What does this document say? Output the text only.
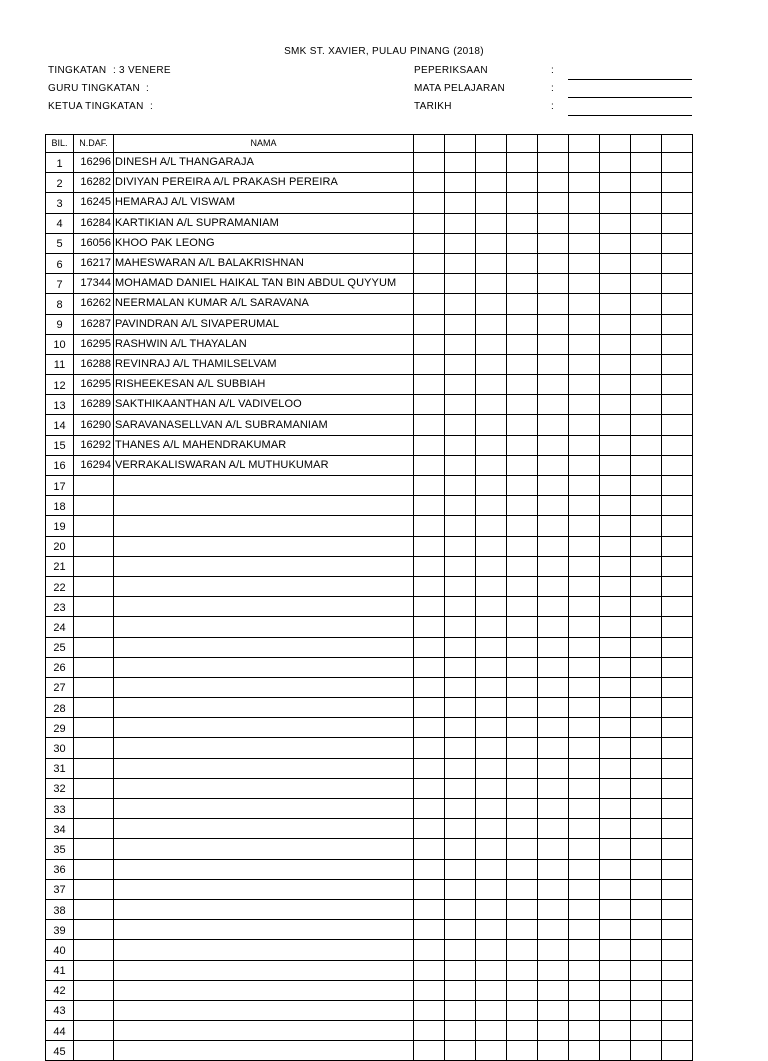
SMK ST. XAVIER, PULAU PINANG (2018)
TINGKATAN : 3 VENERE
GURU TINGKATAN :
KETUA TINGKATAN :
PEPERIKSAAN	:
MATA PELAJARAN	:
TARIKH	:
BIL.	N.DAF.	NAMA									
1	16296	DINESH A/L THANGARAJA									
2	16282	DIVIYAN PEREIRA A/L PRAKASH PEREIRA									
3	16245	HEMARAJ A/L VISWAM									
4	16284	KARTIKIAN A/L SUPRAMANIAM									
5	16056	KHOO PAK LEONG									
6	16217	MAHESWARAN A/L BALAKRISHNAN									
7	17344	MOHAMAD DANIEL HAIKAL TAN BIN ABDUL QUYYUM									
8	16262	NEERMALAN KUMAR A/L SARAVANA									
9	16287	PAVINDRAN A/L SIVAPERUMAL									
10	16295	RASHWIN A/L THAYALAN									
11	16288	REVINRAJ A/L THAMILSELVAM									
12	16295	RISHEEKESAN A/L SUBBIAH									
13	16289	SAKTHIKAANTHAN A/L VADIVELOO									
14	16290	SARAVANASELLVAN A/L SUBRAMANIAM									
15	16292	THANES A/L MAHENDRAKUMAR									
16	16294	VERRAKALISWARAN A/L MUTHUKUMAR									
17											
18											
19											
20											
21											
22											
23											
24											
25											
26											
27											
28											
29											
30											
31											
32											
33											
34											
35											
36											
37											
38											
39											
40											
41											
42											
43											
44											
45											
